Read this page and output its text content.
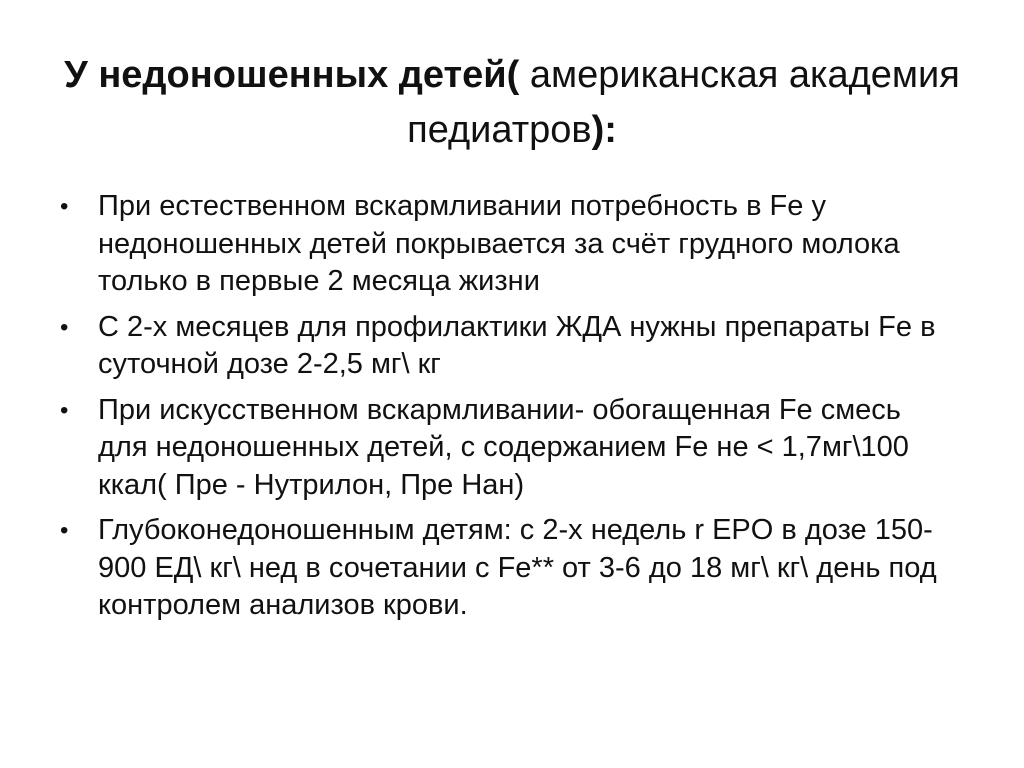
У недоношенных детей( американская академия педиатров):
• При естественном вскармливании потребность в Fe у недоношенных детей покрывается за счёт грудного молока только в первые 2 месяца жизни
• С 2-х месяцев для профилактики ЖДА нужны препараты Fe в суточной дозе 2-2,5 мг\ кг
• При искусственном вскармливании- обогащенная Fe смесь для недоношенных детей, с содержанием Fe не < 1,7мг\100 ккал( Пре - Нутрилон, Пре Нан)
• Глубоконедоношенным детям: с 2-х недель r EPO в дозе 150-900 ЕД\ кг\ нед в сочетании с Fe** от 3-6 до 18 мг\ кг\ день под контролем анализов крови.
